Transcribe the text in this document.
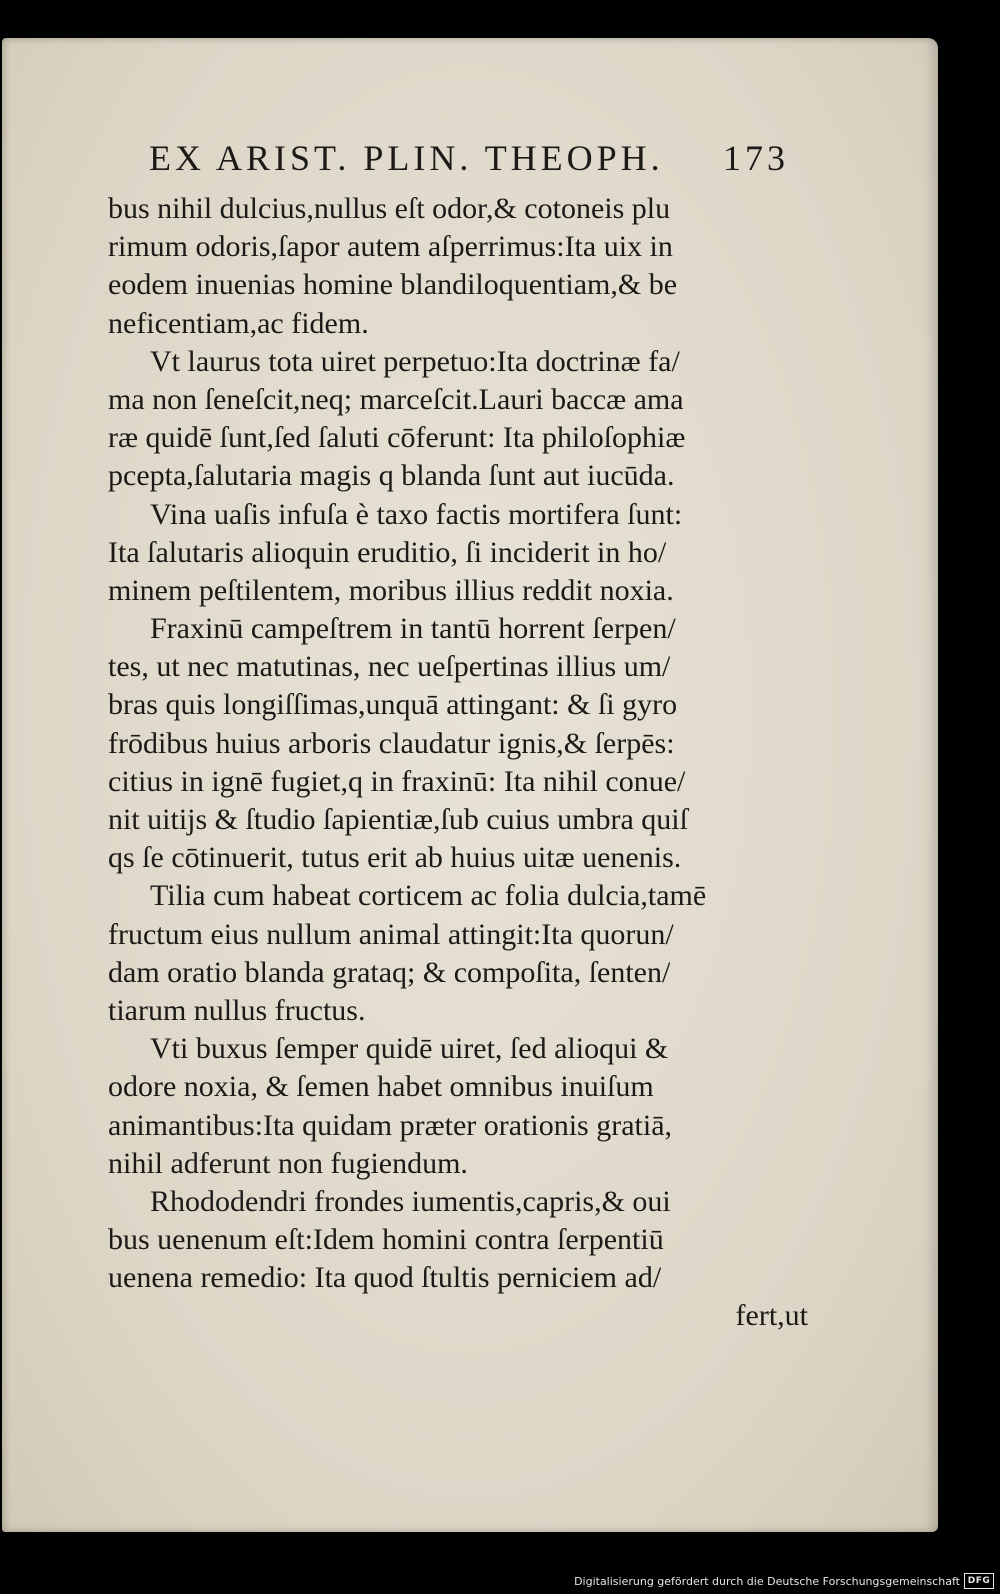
EX ARIST. PLIN. THEOPH. 173
bus nihil dulcius,nullus eſt odor,& cotoneis plu
rimum odoris,ſapor autem aſperrimus:Ita uix in
eodem inuenias homine blandiloquentiam,& be
neficentiam,ac fidem.
Vt laurus tota uiret perpetuo:Ita doctrinæ fa/
ma non ſeneſcit,neq; marceſcit.Lauri baccæ ama
ræ quidē ſunt,ſed ſaluti cōferunt: Ita philoſophiæ
pcepta,ſalutaria magis q blanda ſunt aut iucūda.
Vina uaſis infuſa è taxo factis mortifera ſunt:
Ita ſalutaris alioquin eruditio, ſi inciderit in ho/
minem peſtilentem, moribus illius reddit noxia.
Fraxinū campeſtrem in tantū horrent ſerpen/
tes, ut nec matutinas, nec ueſpertinas illius um/
bras quis longiſſimas,unquā attingant: & ſi gyro
frōdibus huius arboris claudatur ignis,& ſerpēs:
citius in ignē fugiet,q in fraxinū: Ita nihil conue/
nit uitijs & ſtudio ſapientiæ,ſub cuius umbra quiſ
qs ſe cōtinuerit, tutus erit ab huius uitæ uenenis.
Tilia cum habeat corticem ac folia dulcia,tamē
fructum eius nullum animal attingit:Ita quorun/
dam oratio blanda grataq; & compoſita, ſenten/
tiarum nullus fructus.
Vti buxus ſemper quidē uiret, ſed alioqui &
odore noxia, & ſemen habet omnibus inuiſum
animantibus:Ita quidam præter orationis gratiā,
nihil adferunt non fugiendum.
Rhododendri frondes iumentis,capris,& oui
bus uenenum eſt:Idem homini contra ſerpentiū
uenena remedio: Ita quod ſtultis perniciem ad/
fert,ut
Digitalisierung gefördert durch die Deutsche Forschungsgemeinschaft DFG
